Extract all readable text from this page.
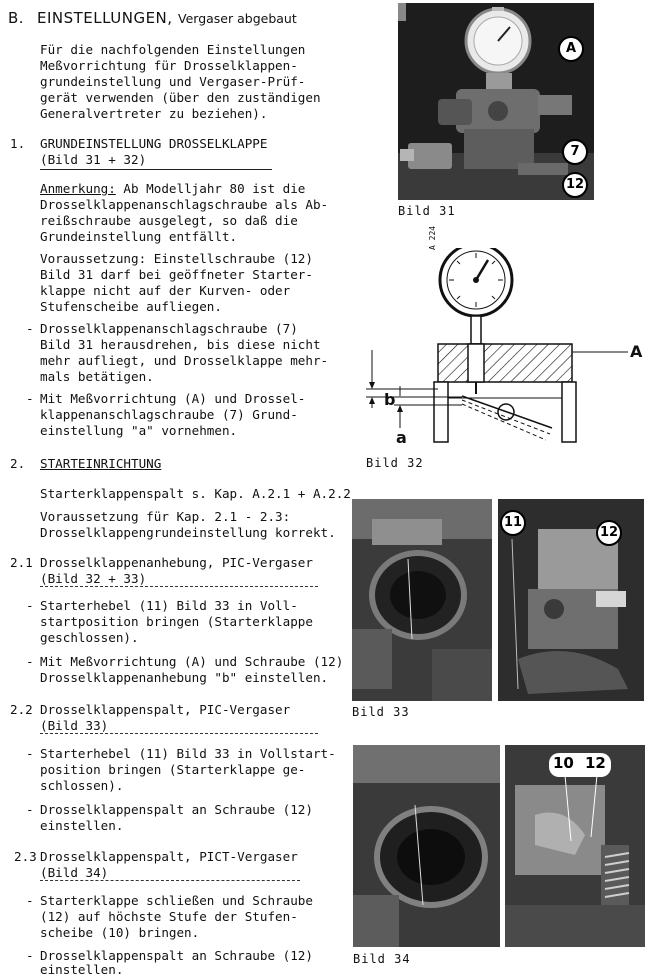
B. EINSTELLUNGEN, Vergaser abgebaut
Für die nachfolgenden Einstellungen
Meßvorrichtung für Drosselklappen-
grundeinstellung und Vergaser-Prüf-
gerät verwenden (über den zuständigen
Generalvertreter zu beziehen).
1. GRUNDEINSTELLUNG DROSSELKLAPPE
(Bild 31 + 32)
Anmerkung: Ab Modelljahr 80 ist die
Drosselklappenanschlagschraube als Ab-
reißschraube ausgelegt, so daß die
Grundeinstellung entfällt.
Voraussetzung: Einstellschraube (12)
Bild 31 darf bei geöffneter Starter-
klappe nicht auf der Kurven- oder
Stufenscheibe aufliegen.
- Drosselklappenanschlagschraube (7)
Bild 31 herausdrehen, bis diese nicht
mehr aufliegt, und Drosselklappe mehr-
mals betätigen.
- Mit Meßvorrichtung (A) und Drossel-
klappenanschlagschraube (7) Grund-
einstellung "a" vornehmen.
2. STARTEINRICHTUNG
Starterklappenspalt s. Kap. A.2.1 + A.2.2
Voraussetzung für Kap. 2.1 - 2.3:
Drosselklappengrundeinstellung korrekt.
2.1 Drosselklappenanhebung, PIC-Vergaser
(Bild 32 + 33)
- Starterhebel (11) Bild 33 in Voll-
startposition bringen (Starterklappe
geschlossen).
- Mit Meßvorrichtung (A) und Schraube (12)
Drosselklappenanhebung "b" einstellen.
2.2 Drosselklappenspalt, PIC-Vergaser
(Bild 33)
- Starterhebel (11) Bild 33 in Vollstart-
position bringen (Starterklappe ge-
schlossen).
- Drosselklappenspalt an Schraube (12)
einstellen.
2.3 Drosselklappenspalt, PICT-Vergaser
(Bild 34)
- Starterklappe schließen und Schraube
(12) auf höchste Stufe der Stufen-
scheibe (10) bringen.
- Drosselklappenspalt an Schraube (12)
einstellen.
A
7
12
Bild 31
A 224
A
b
a
Bild 32
11
12
Bild 33
10 12
Bild 34
